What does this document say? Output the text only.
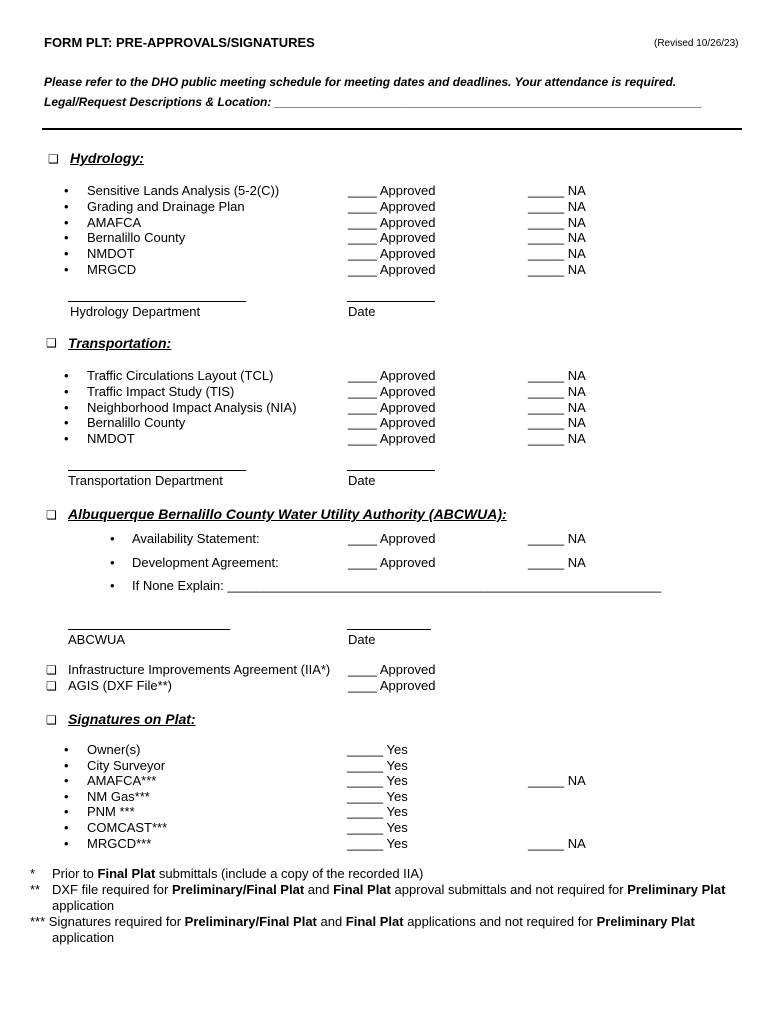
FORM PLT: PRE-APPROVALS/SIGNATURES	(Revised 10/26/23)
Please refer to the DHO public meeting schedule for meeting dates and deadlines. Your attendance is required.
Legal/Request Descriptions & Location: ________________________________________________________________
❑ Hydrology:
• Sensitive Lands Analysis (5-2(C))	____ Approved	_____ NA
• Grading and Drainage Plan	____ Approved	_____ NA
• AMAFCA	____ Approved	_____ NA
• Bernalillo County	____ Approved	_____ NA
• NMDOT	____ Approved	_____ NA
• MRGCD	____ Approved	_____ NA
Hydrology Department	Date
❑ Transportation:
• Traffic Circulations Layout (TCL)	____ Approved	_____ NA
• Traffic Impact Study (TIS)	____ Approved	_____ NA
• Neighborhood Impact Analysis (NIA)	____ Approved	_____ NA
• Bernalillo County	____ Approved	_____ NA
• NMDOT	____ Approved	_____ NA
Transportation Department	Date
❑ Albuquerque Bernalillo County Water Utility Authority (ABCWUA):
• Availability Statement:	____ Approved	_____ NA
• Development Agreement:	____ Approved	_____ NA
• If None Explain: ____________________________________________________________
ABCWUA	Date
❑ Infrastructure Improvements Agreement (IIA*) ____ Approved
❑ AGIS (DXF File**)	____ Approved
❑ Signatures on Plat:
• Owner(s)	_____ Yes
• City Surveyor	_____ Yes
• AMAFCA***	_____ Yes	_____ NA
• NM Gas***	_____ Yes
• PNM ***	_____ Yes
• COMCAST***	_____ Yes
• MRGCD***	_____ Yes	_____ NA
* Prior to Final Plat submittals (include a copy of the recorded IIA)
** DXF file required for Preliminary/Final Plat and Final Plat approval submittals and not required for Preliminary Plat
application
*** Signatures required for Preliminary/Final Plat and Final Plat applications and not required for Preliminary Plat
application
